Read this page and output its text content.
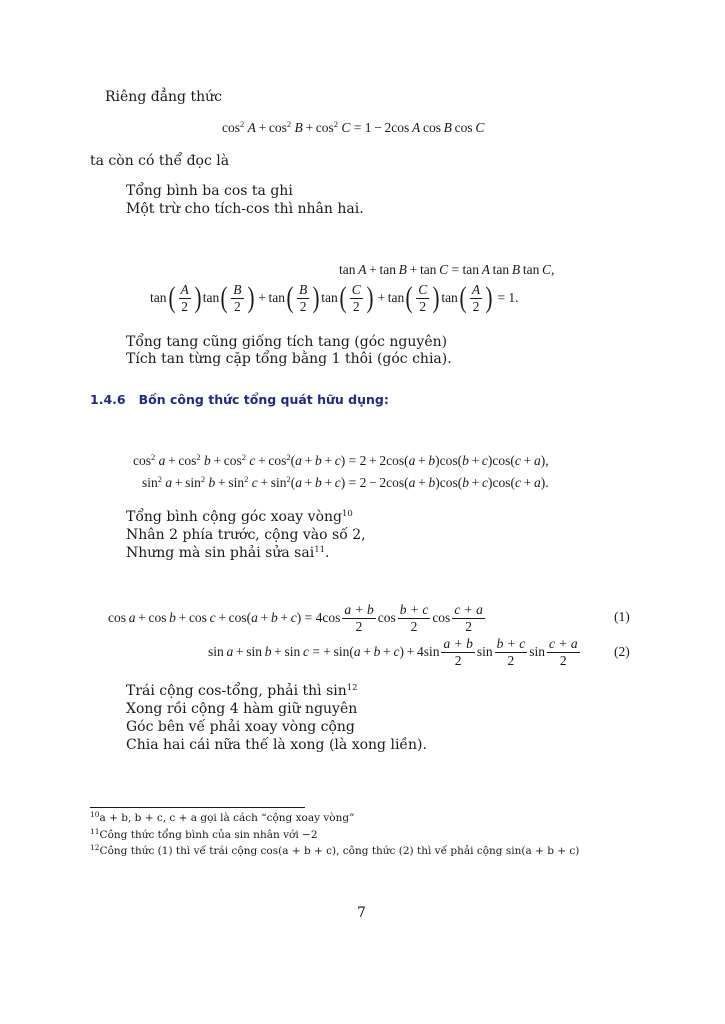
Riêng đẳng thức
$\cos^2 A + \cos^2 B + \cos^2 C = 1 - 2\cos$ A cos B cos C
ta còn có thể đọc là
Tổng bình ba cos ta ghi
Một trừ cho tích-cos thì nhân hai.
tan A + tan B + tan C = tan A tan B tan C,
tan ( $\frac{A}{2}$ ) tan ( $\frac{B}{2}$ )  + tan ( $\frac{B}{2}$ ) tan ( $\frac{C}{2}$ )  + tan ( $\frac{C}{2}$ ) tan ( $\frac{A}{2}$ )
= 1.
Tổng tang cũng giống tích tang (góc nguyên)
Tích tan từng cặp tổng bằng 1 thôi (góc chia).
1.4.6 Bốn công thức tổng quát hữu dụng:
$\cos^2 a + \cos^2 b + \cos^2 c + \cos^2(a + b + c) = 2 + 2\cos(a + b)\cos(b + c)\cos(c + a)$,
$\sin^2 a + \sin^2 b + \sin^2 c + \sin^2(a + b + c) = 2 - 2\cos(a + b)\cos(b + c)\cos(c + a)$.
Tổng bình cộng góc xoay vòng$^{10}$
Nhân 2 phía trước, cộng vào số 2,
Nhưng mà sin phải sửa sai$^{11}$.
$\cos a + \cos b + \cos c + \cos(a + b + c) = 4\cos \frac{a + b}{2}$ $\cos \frac{b + c}{2}$ $\cos \frac{c + a}{2}$	(1)
sin a + sin b + sin c = + $\sin(a + b + c) + 4\sin \frac{a + b}{2}$ $\sin \frac{b + c}{2}$ $\sin \frac{c + a}{2}$	(2)
Trái cộng cos-tổng, phải thì $\sin^{12}$
Xong rồi cộng 4 hàm giữ nguyên
Góc bên vế phải xoay vòng cộng
Chia hai cái nữa thế là xong (là xong liền).
$^{10}$a + b, b + c, c + a gọi là cách “cộng xoay vòng”
$^{11}$Công thức tổng bình của sin nhân với −2
$^{12}$Công thức (1) thì vế trái cộng cos(a + b + c), công thức (2) thì vế phải cộng sin(a + b + c)
7
